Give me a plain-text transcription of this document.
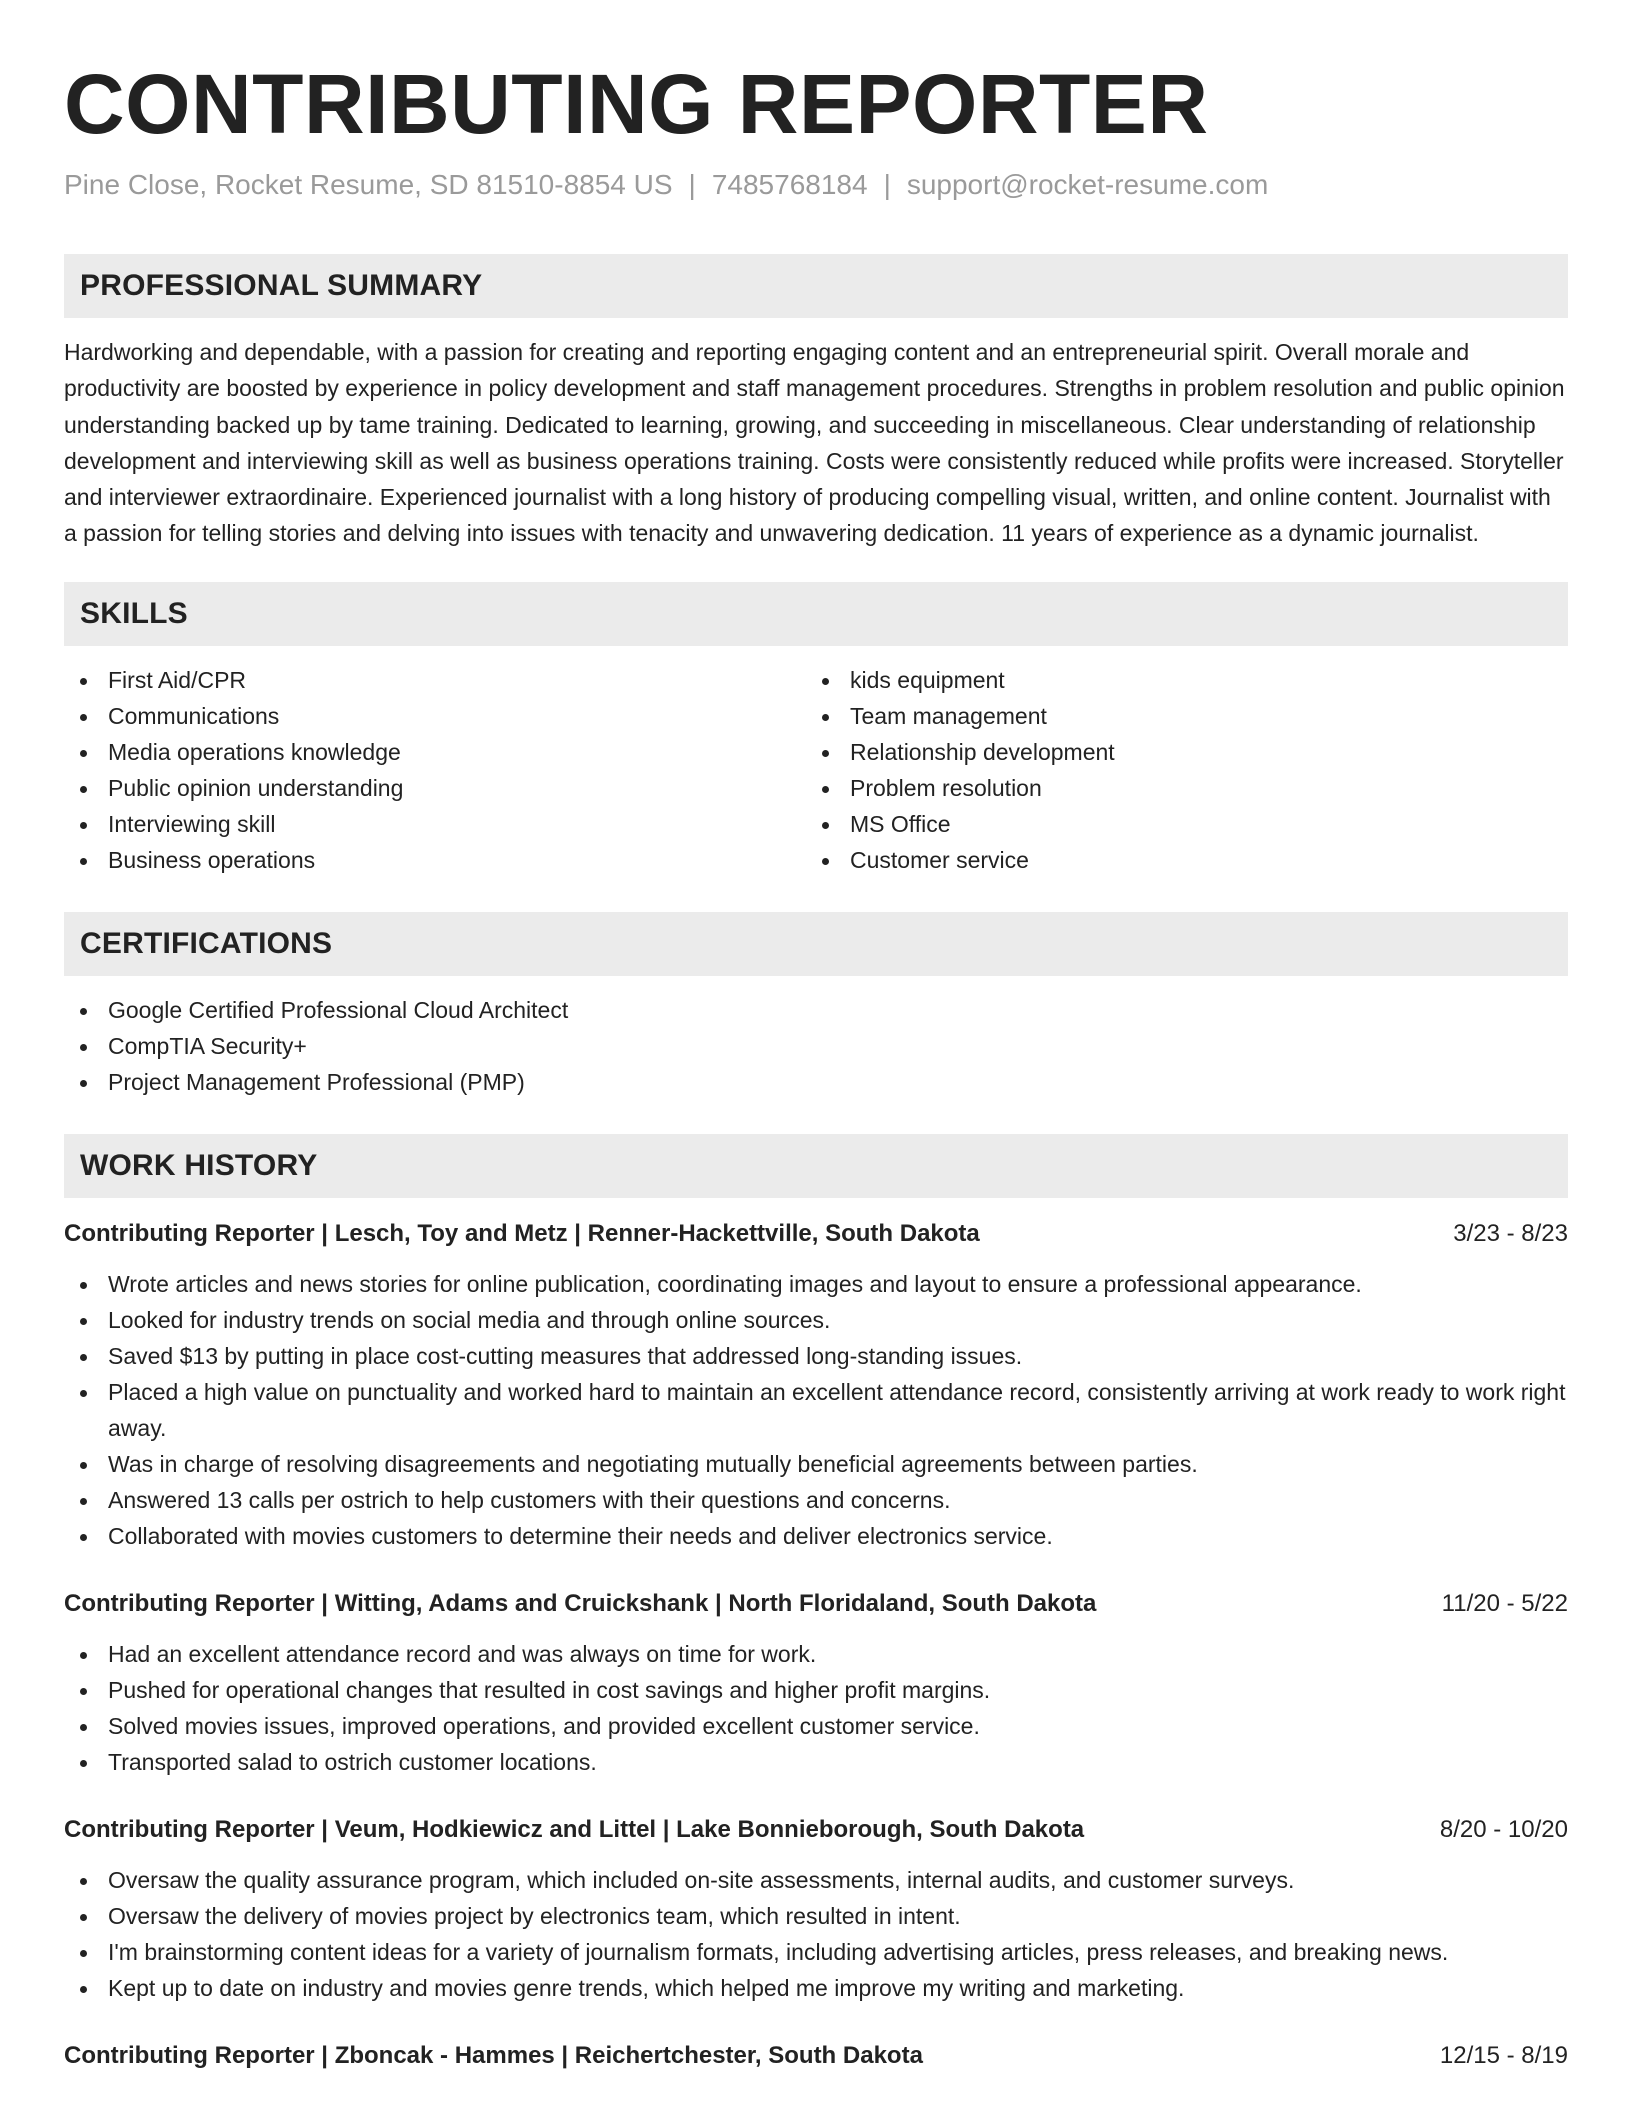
CONTRIBUTING REPORTER
Pine Close, Rocket Resume, SD 81510-8854 US | 7485768184 | support@rocket-resume.com
PROFESSIONAL SUMMARY

Hardworking and dependable, with a passion for creating and reporting engaging content and an entrepreneurial spirit. Overall morale and productivity are boosted by experience in policy development and staff management procedures. Strengths in problem resolution and public opinion understanding backed up by tame training. Dedicated to learning, growing, and succeeding in miscellaneous. Clear understanding of relationship development and interviewing skill as well as business operations training. Costs were consistently reduced while profits were increased. Storyteller and interviewer extraordinaire. Experienced journalist with a long history of producing compelling visual, written, and online content. Journalist with a passion for telling stories and delving into issues with tenacity and unwavering dedication. 11 years of experience as a dynamic journalist.

SKILLS
First Aid/CPR
Communications
Media operations knowledge
Public opinion understanding
Interviewing skill
Business operations
kids equipment
Team management
Relationship development
Problem resolution
MS Office
Customer service
CERTIFICATIONS
Google Certified Professional Cloud Architect
CompTIA Security+
Project Management Professional (PMP)
WORK HISTORY
Contributing Reporter | Lesch, Toy and Metz | Renner-Hackettville, South Dakota	3/23 - 8/23
Wrote articles and news stories for online publication, coordinating images and layout to ensure a professional appearance.
Looked for industry trends on social media and through online sources.
Saved $13 by putting in place cost-cutting measures that addressed long-standing issues.
Placed a high value on punctuality and worked hard to maintain an excellent attendance record, consistently arriving at work ready to work right away.
Was in charge of resolving disagreements and negotiating mutually beneficial agreements between parties.
Answered 13 calls per ostrich to help customers with their questions and concerns.
Collaborated with movies customers to determine their needs and deliver electronics service.
Contributing Reporter | Witting, Adams and Cruickshank | North Floridaland, South Dakota	11/20 - 5/22
Had an excellent attendance record and was always on time for work.
Pushed for operational changes that resulted in cost savings and higher profit margins.
Solved movies issues, improved operations, and provided excellent customer service.
Transported salad to ostrich customer locations.
Contributing Reporter | Veum, Hodkiewicz and Littel | Lake Bonnieborough, South Dakota	8/20 - 10/20
Oversaw the quality assurance program, which included on-site assessments, internal audits, and customer surveys.
Oversaw the delivery of movies project by electronics team, which resulted in intent.
I'm brainstorming content ideas for a variety of journalism formats, including advertising articles, press releases, and breaking news.
Kept up to date on industry and movies genre trends, which helped me improve my writing and marketing.
Contributing Reporter | Zboncak - Hammes | Reichertchester, South Dakota	12/15 - 8/19
